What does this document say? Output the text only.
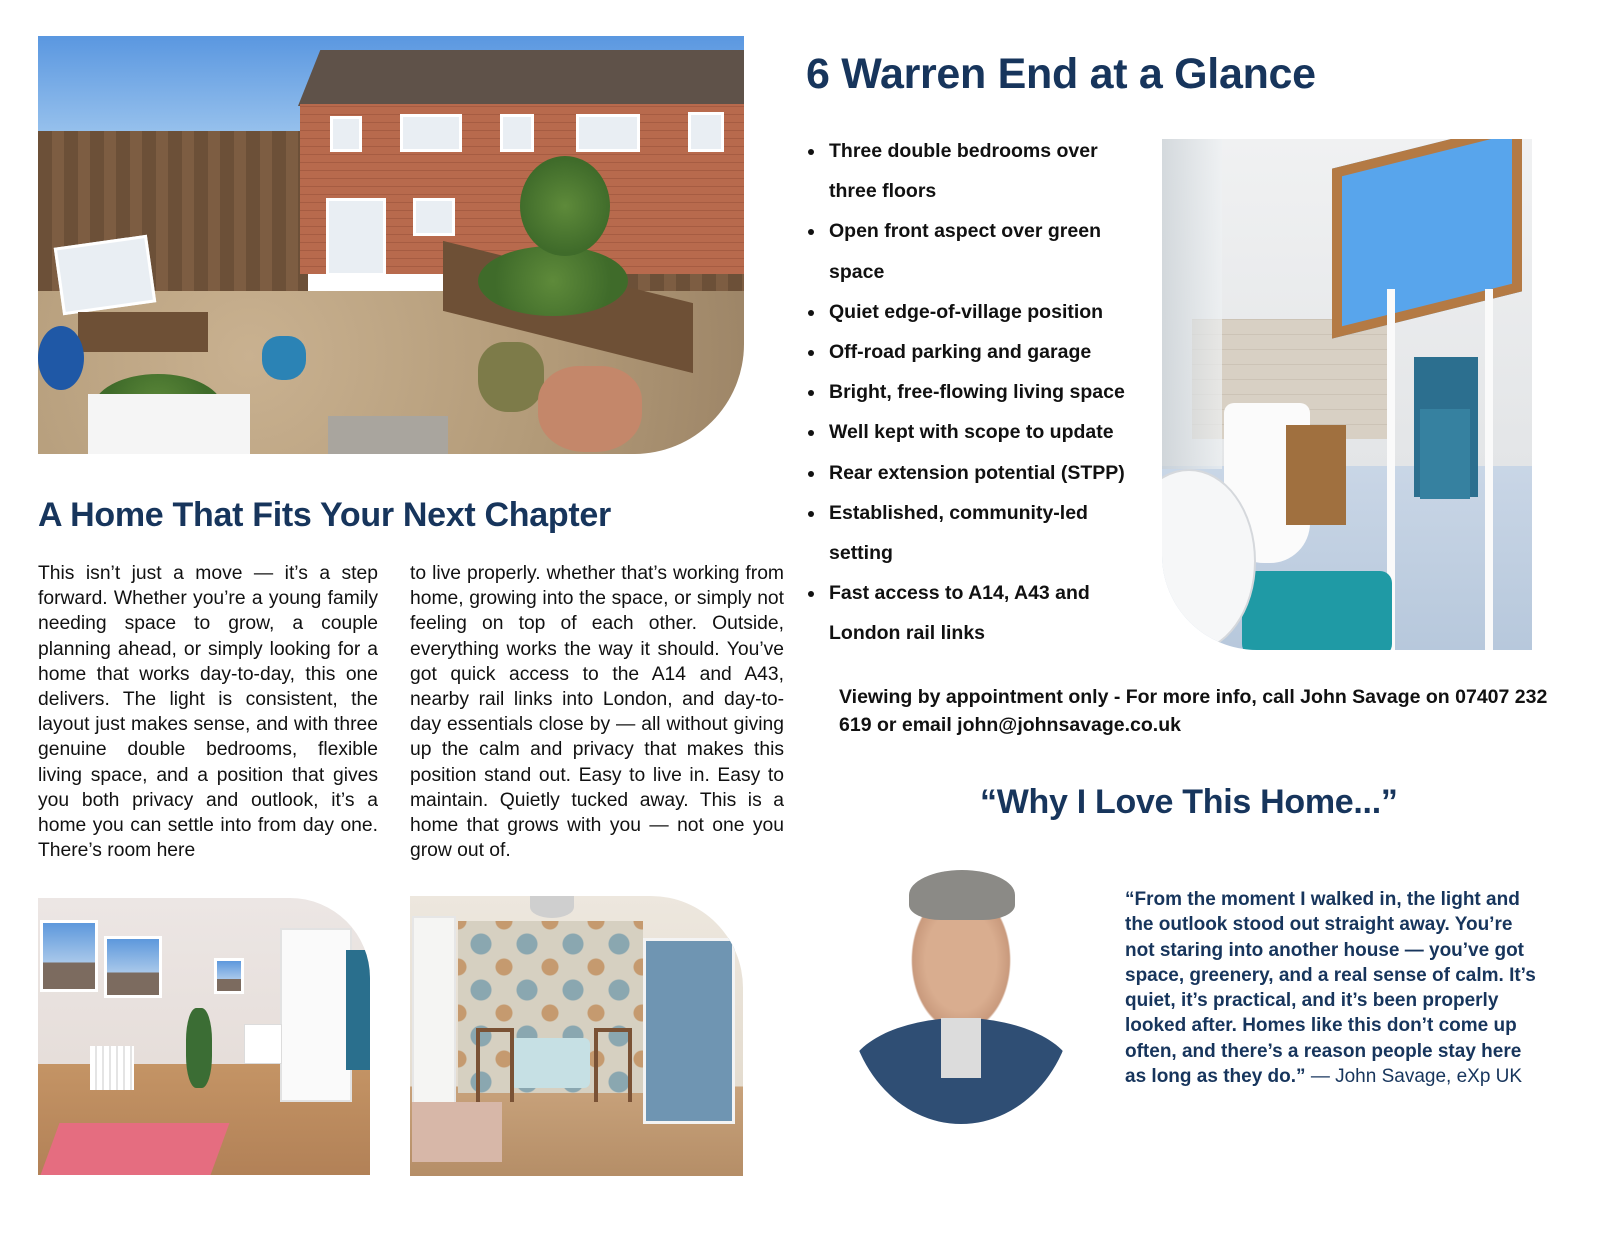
6 Warren End at a Glance
Three double bedrooms over three floors
Open front aspect over green space
Quiet edge-of-village position
Off-road parking and garage
Bright, free-flowing living space
Well kept with scope to update
Rear extension potential (STPP)
Established, community-led setting
Fast access to A14, A43 and London rail links
Viewing by appointment only - For more info, call John Savage on 07407 232 619 or email john@johnsavage.co.uk
A Home That Fits Your Next Chapter
This isn’t just a move — it’s a step forward. Whether you’re a young family needing space to grow, a couple planning ahead, or simply looking for a home that works day-to-day, this one delivers. The light is consistent, the layout just makes sense, and with three genuine double bedrooms, flexible living space, and a position that gives you both privacy and outlook, it’s a home you can settle into from day one. There’s room here
to live properly. whether that’s working from home, growing into the space, or simply not feeling on top of each other. Outside, everything works the way it should. You’ve got quick access to the A14 and A43, nearby rail links into London, and day-to-day essentials close by — all without giving up the calm and privacy that makes this position stand out. Easy to live in. Easy to maintain. Quietly tucked away. This is a home that grows with you — not one you grow out of.
“Why I Love This Home...”
“From the moment I walked in, the light and the outlook stood out straight away. You’re not staring into another house — you’ve got space, greenery, and a real sense of calm. It’s quiet, it’s practical, and it’s been properly looked after. Homes like this don’t come up often, and there’s a reason people stay here as long as they do.” — John Savage, eXp UK
